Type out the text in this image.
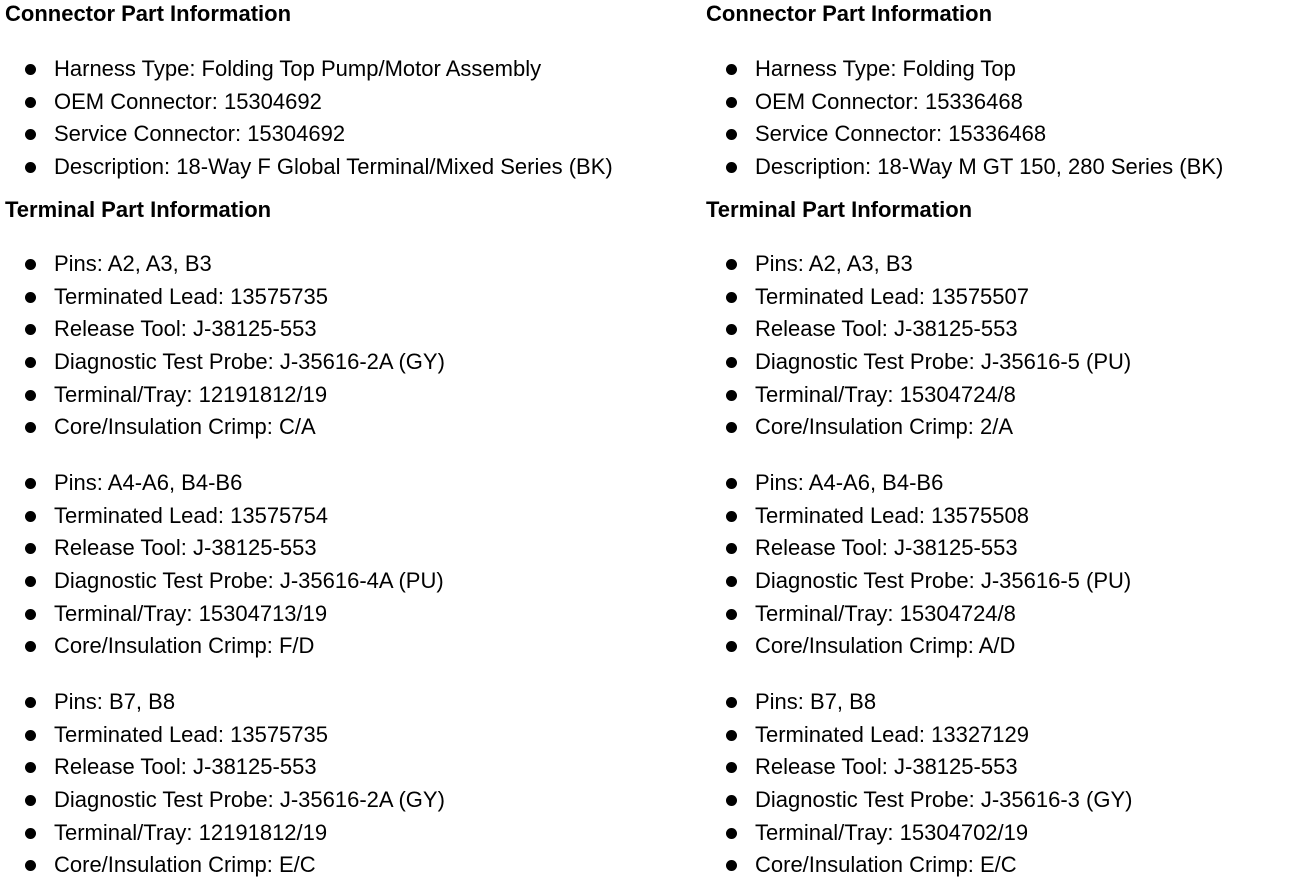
Connector Part Information
Harness Type: Folding Top Pump/Motor Assembly
OEM Connector: 15304692
Service Connector: 15304692
Description: 18-Way F Global Terminal/Mixed Series (BK)
Terminal Part Information
Pins: A2, A3, B3
Terminated Lead: 13575735
Release Tool: J-38125-553
Diagnostic Test Probe: J-35616-2A (GY)
Terminal/Tray: 12191812/19
Core/Insulation Crimp: C/A
Pins: A4-A6, B4-B6
Terminated Lead: 13575754
Release Tool: J-38125-553
Diagnostic Test Probe: J-35616-4A (PU)
Terminal/Tray: 15304713/19
Core/Insulation Crimp: F/D
Pins: B7, B8
Terminated Lead: 13575735
Release Tool: J-38125-553
Diagnostic Test Probe: J-35616-2A (GY)
Terminal/Tray: 12191812/19
Core/Insulation Crimp: E/C
Connector Part Information
Harness Type: Folding Top
OEM Connector: 15336468
Service Connector: 15336468
Description: 18-Way M GT 150, 280 Series (BK)
Terminal Part Information
Pins: A2, A3, B3
Terminated Lead: 13575507
Release Tool: J-38125-553
Diagnostic Test Probe: J-35616-5 (PU)
Terminal/Tray: 15304724/8
Core/Insulation Crimp: 2/A
Pins: A4-A6, B4-B6
Terminated Lead: 13575508
Release Tool: J-38125-553
Diagnostic Test Probe: J-35616-5 (PU)
Terminal/Tray: 15304724/8
Core/Insulation Crimp: A/D
Pins: B7, B8
Terminated Lead: 13327129
Release Tool: J-38125-553
Diagnostic Test Probe: J-35616-3 (GY)
Terminal/Tray: 15304702/19
Core/Insulation Crimp: E/C
